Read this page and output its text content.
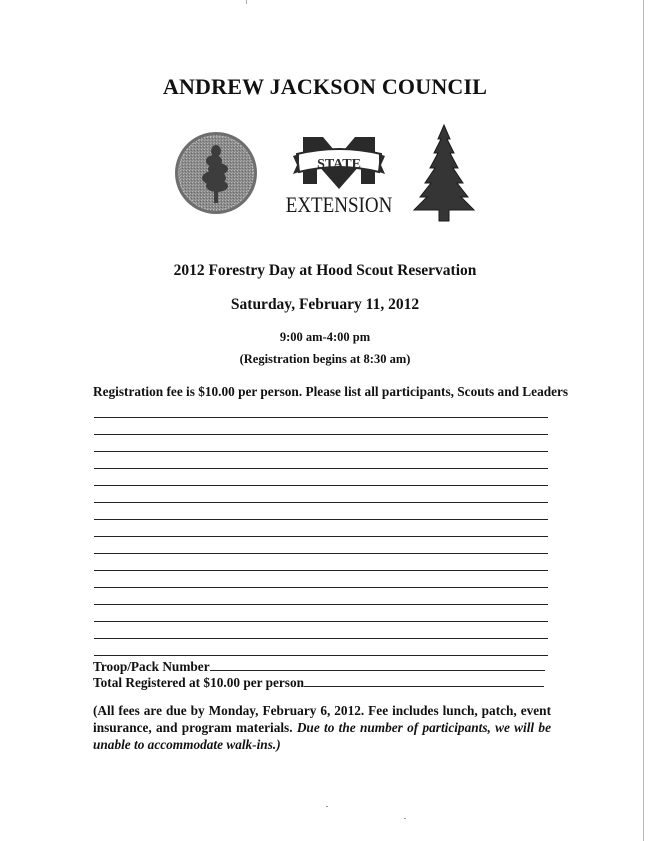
ANDREW JACKSON COUNCIL
STATE
EXTENSION
2012 Forestry Day at Hood Scout Reservation
Saturday, February 11, 2012
9:00 am-4:00 pm
(Registration begins at 8:30 am)
Registration fee is $10.00 per person. Please list all participants, Scouts and Leaders
Troop/Pack Number
Total Registered at $10.00 per person
(All fees are due by Monday, February 6, 2012. Fee includes lunch, patch, event insurance, and program materials. Due to the number of participants, we will be unable to accommodate walk-ins.)
